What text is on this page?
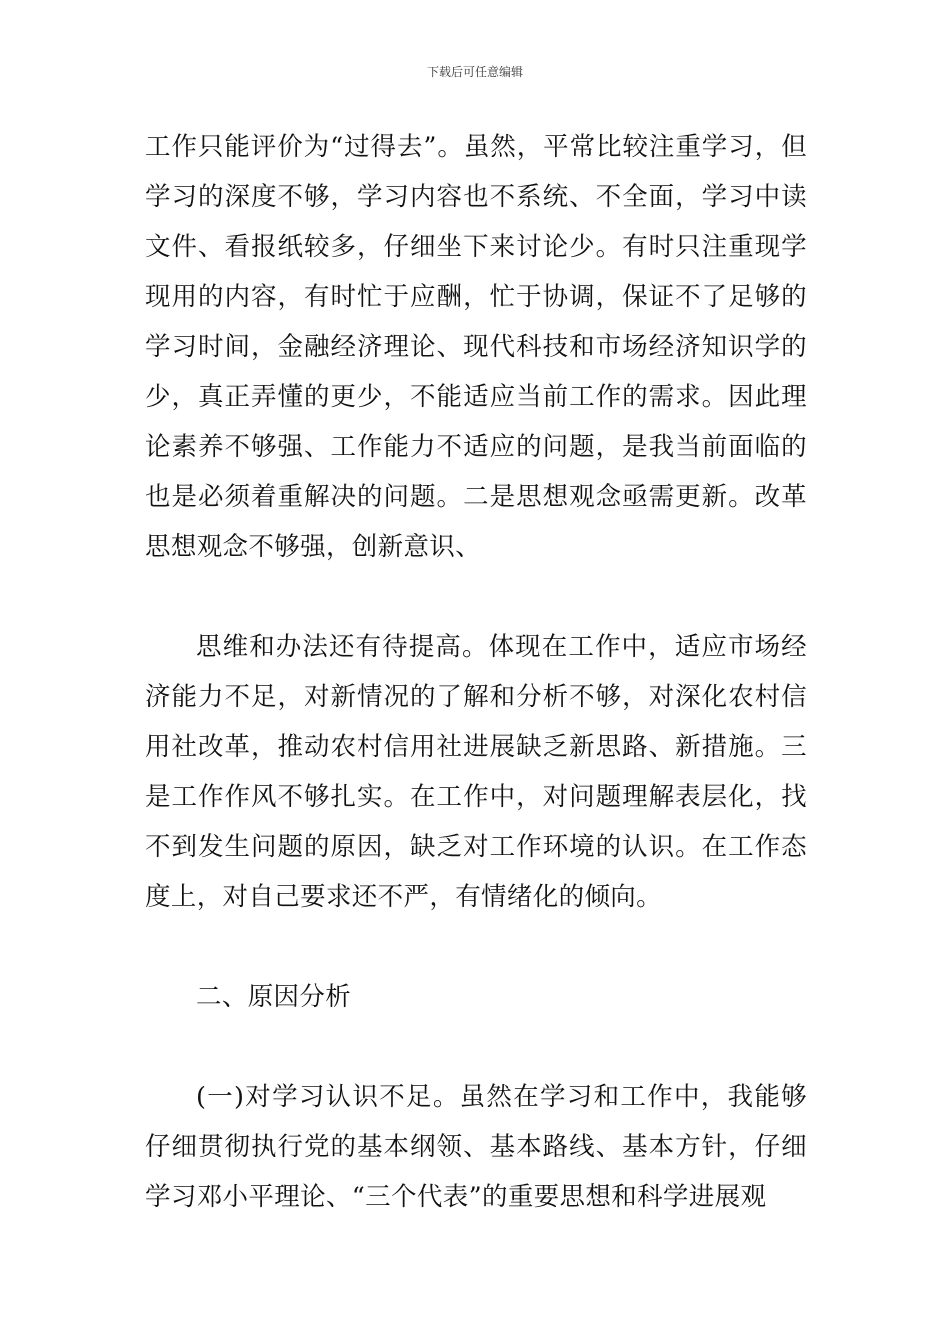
下载后可任意编辑

工作只能评价为“过得去”。虽然，平常比较注重学习，但学习的深度不够，学习内容也不系统、不全面，学习中读文件、看报纸较多，仔细坐下来讨论少。有时只注重现学现用的内容，有时忙于应酬，忙于协调，保证不了足够的学习时间，金融经济理论、现代科技和市场经济知识学的少，真正弄懂的更少，不能适应当前工作的需求。因此理论素养不够强、工作能力不适应的问题，是我当前面临的也是必须着重解决的问题。二是思想观念亟需更新。改革思想观念不够强，创新意识、

思维和办法还有待提高。体现在工作中，适应市场经济能力不足，对新情况的了解和分析不够，对深化农村信用社改革，推动农村信用社进展缺乏新思路、新措施。三是工作作风不够扎实。在工作中，对问题理解表层化，找不到发生问题的原因，缺乏对工作环境的认识。在工作态度上，对自己要求还不严，有情绪化的倾向。

二、原因分析

(一)对学习认识不足。虽然在学习和工作中，我能够仔细贯彻执行党的基本纲领、基本路线、基本方针，仔细学习邓小平理论、“三个代表”的重要思想和科学进展观
